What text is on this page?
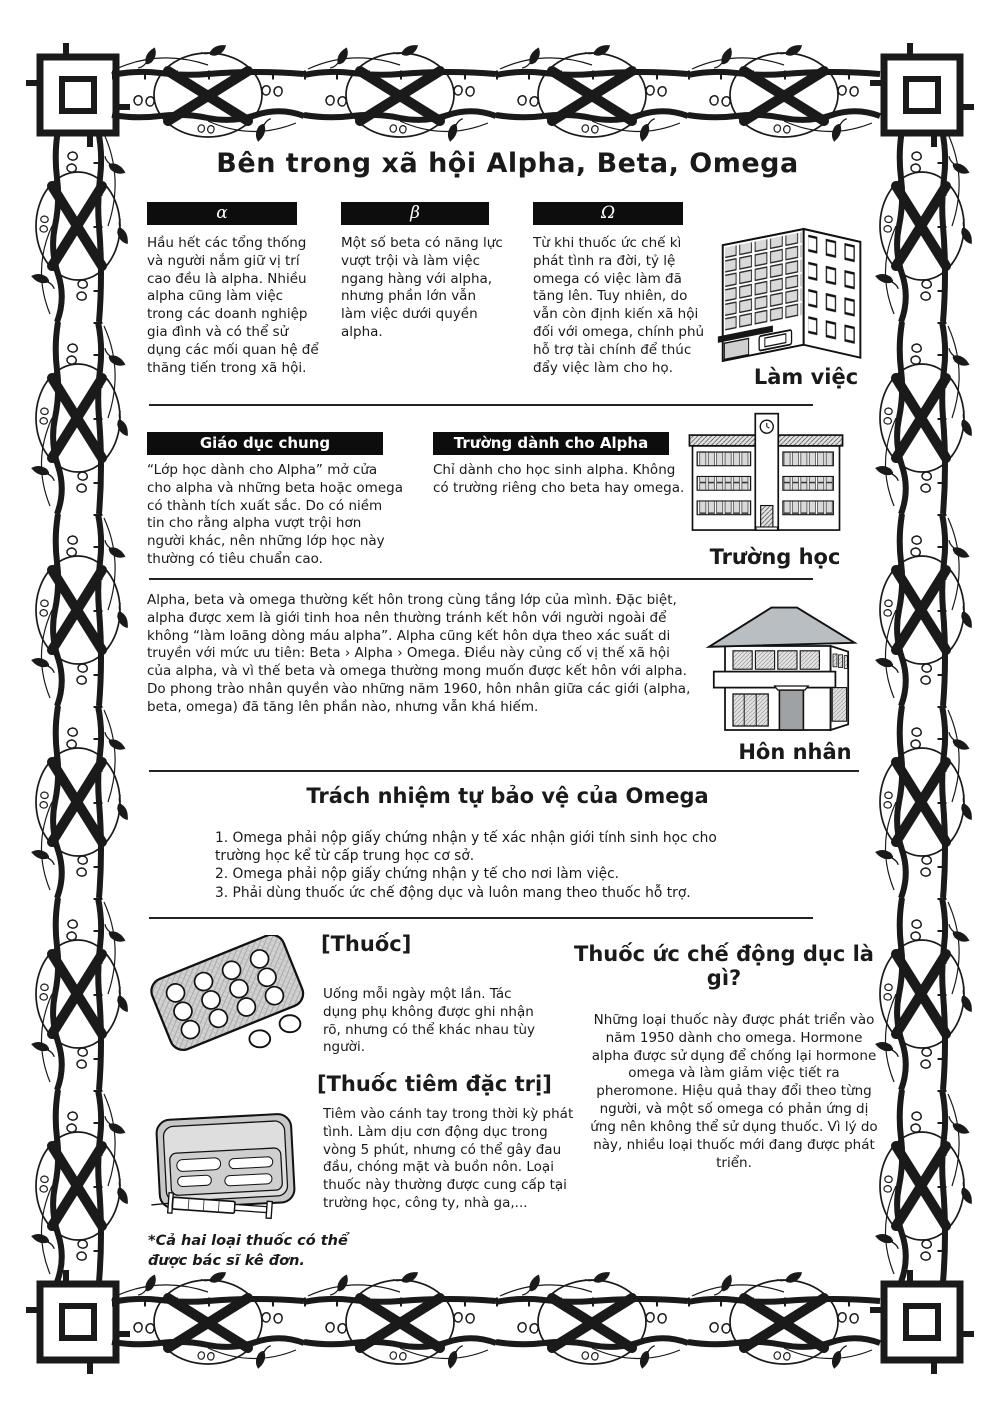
Bên trong xã hội Alpha, Beta, Omega
α	β	Ω
Hầu hết các tổng thống và người nắm giữ vị trí cao đều là alpha. Nhiều alpha cũng làm việc trong các doanh nghiệp gia đình và có thể sử dụng các mối quan hệ để thăng tiến trong xã hội.
Một số beta có năng lực vượt trội và làm việc ngang hàng với alpha, nhưng phần lớn vẫn làm việc dưới quyền alpha.
Từ khi thuốc ức chế kì phát tình ra đời, tỷ lệ omega có việc làm đã tăng lên. Tuy nhiên, do vẫn còn định kiến xã hội đối với omega, chính phủ hỗ trợ tài chính để thúc đẩy việc làm cho họ.	Làm việc
Giáo dục chung
“Lớp học dành cho Alpha” mở cửa cho alpha và những beta hoặc omega có thành tích xuất sắc. Do có niềm tin cho rằng alpha vượt trội hơn người khác, nên những lớp học này thường có tiêu chuẩn cao.
Trường dành cho Alpha
Chỉ dành cho học sinh alpha. Không có trường riêng cho beta hay omega.
Trường học
Alpha, beta và omega thường kết hôn trong cùng tầng lớp của mình. Đặc biệt, alpha được xem là giới tinh hoa nên thường tránh kết hôn với người ngoài để không “làm loãng dòng máu alpha”. Alpha cũng kết hôn dựa theo xác suất di truyền với mức ưu tiên: Beta › Alpha › Omega. Điều này củng cố vị thế xã hội của alpha, và vì thế beta và omega thường mong muốn được kết hôn với alpha. Do phong trào nhân quyền vào những năm 1960, hôn nhân giữa các giới (alpha, beta, omega) đã tăng lên phần nào, nhưng vẫn khá hiếm.
Hôn nhân
Trách nhiệm tự bảo vệ của Omega
1. Omega phải nộp giấy chứng nhận y tế xác nhận giới tính sinh học cho trường học kể từ cấp trung học cơ sở.
2. Omega phải nộp giấy chứng nhận y tế cho nơi làm việc.
3. Phải dùng thuốc ức chế động dục và luôn mang theo thuốc hỗ trợ.
[Thuốc]
Uống mỗi ngày một lần. Tác dụng phụ không được ghi nhận rõ, nhưng có thể khác nhau tùy người.
[Thuốc tiêm đặc trị]
Tiêm vào cánh tay trong thời kỳ phát tình. Làm dịu cơn động dục trong vòng 5 phút, nhưng có thể gây đau đầu, chóng mặt và buồn nôn. Loại thuốc này thường được cung cấp tại trường học, công ty, nhà ga,...
*Cả hai loại thuốc có thể được bác sĩ kê đơn.
Thuốc ức chế động dục là gì?
Những loại thuốc này được phát triển vào năm 1950 dành cho omega. Hormone alpha được sử dụng để chống lại hormone omega và làm giảm việc tiết ra pheromone. Hiệu quả thay đổi theo từng người, và một số omega có phản ứng dị ứng nên không thể sử dụng thuốc. Vì lý do này, nhiều loại thuốc mới đang được phát triển.
